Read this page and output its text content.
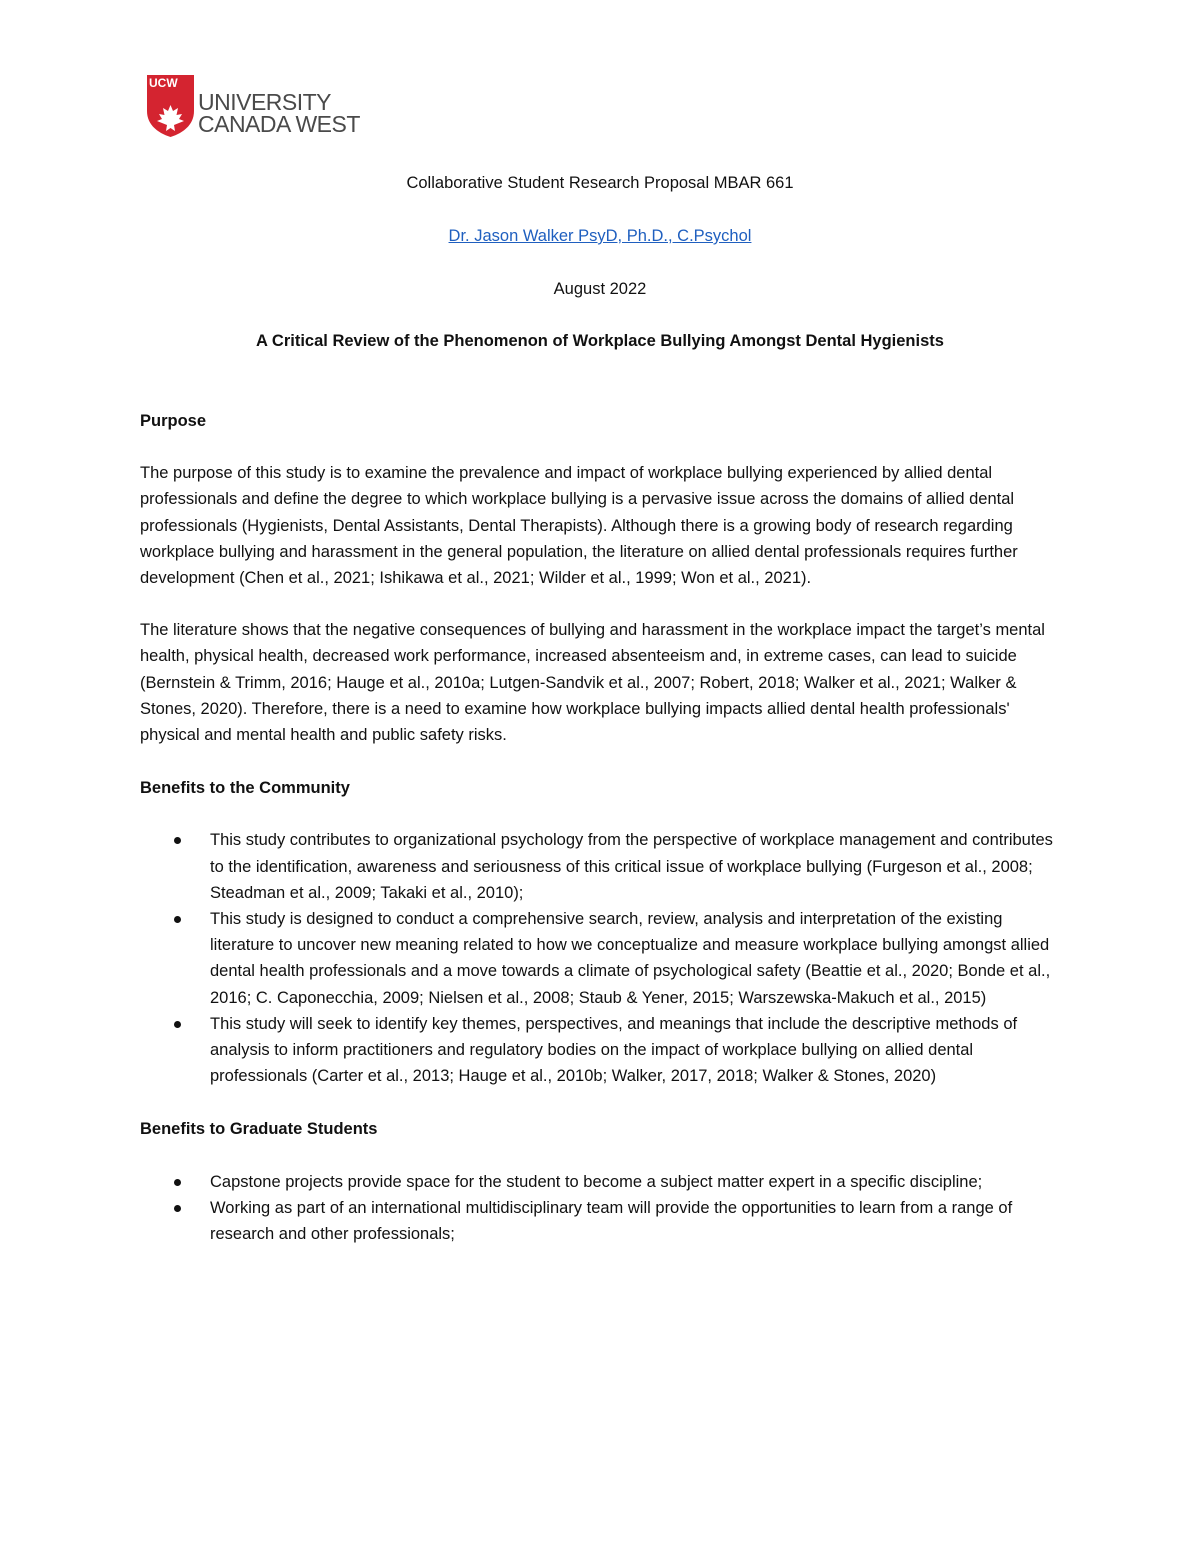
UCW
UNIVERSITY
CANADA WEST
Collaborative Student Research Proposal MBAR 661
Dr. Jason Walker PsyD, Ph.D., C.Psychol
August 2022
A Critical Review of the Phenomenon of Workplace Bullying Amongst Dental Hygienists

Purpose

The purpose of this study is to examine the prevalence and impact of workplace bullying experienced by allied dental professionals and define the degree to which workplace bullying is a pervasive issue across the domains of allied dental professionals (Hygienists, Dental Assistants, Dental Therapists). Although there is a growing body of research regarding workplace bullying and harassment in the general population, the literature on allied dental professionals requires further development (Chen et al., 2021; Ishikawa et al., 2021; Wilder et al., 1999; Won et al., 2021).

The literature shows that the negative consequences of bullying and harassment in the workplace impact the target’s mental health, physical health, decreased work performance, increased absenteeism and, in extreme cases, can lead to suicide (Bernstein & Trimm, 2016; Hauge et al., 2010a; Lutgen-Sandvik et al., 2007; Robert, 2018; Walker et al., 2021; Walker & Stones, 2020). Therefore, there is a need to examine how workplace bullying impacts allied dental health professionals' physical and mental health and public safety risks.

Benefits to the Community

This study contributes to organizational psychology from the perspective of workplace management and contributes to the identification, awareness and seriousness of this critical issue of workplace bullying (Furgeson et al., 2008; Steadman et al., 2009; Takaki et al., 2010);
This study is designed to conduct a comprehensive search, review, analysis and interpretation of the existing literature to uncover new meaning related to how we conceptualize and measure workplace bullying amongst allied dental health professionals and a move towards a climate of psychological safety (Beattie et al., 2020; Bonde et al., 2016; C. Caponecchia, 2009; Nielsen et al., 2008; Staub & Yener, 2015; Warszewska-Makuch et al., 2015)
This study will seek to identify key themes, perspectives, and meanings that include the descriptive methods of analysis to inform practitioners and regulatory bodies on the impact of workplace bullying on allied dental professionals (Carter et al., 2013; Hauge et al., 2010b; Walker, 2017, 2018; Walker & Stones, 2020)

Benefits to Graduate Students

Capstone projects provide space for the student to become a subject matter expert in a specific discipline;
Working as part of an international multidisciplinary team will provide the opportunities to learn from a range of research and other professionals;
